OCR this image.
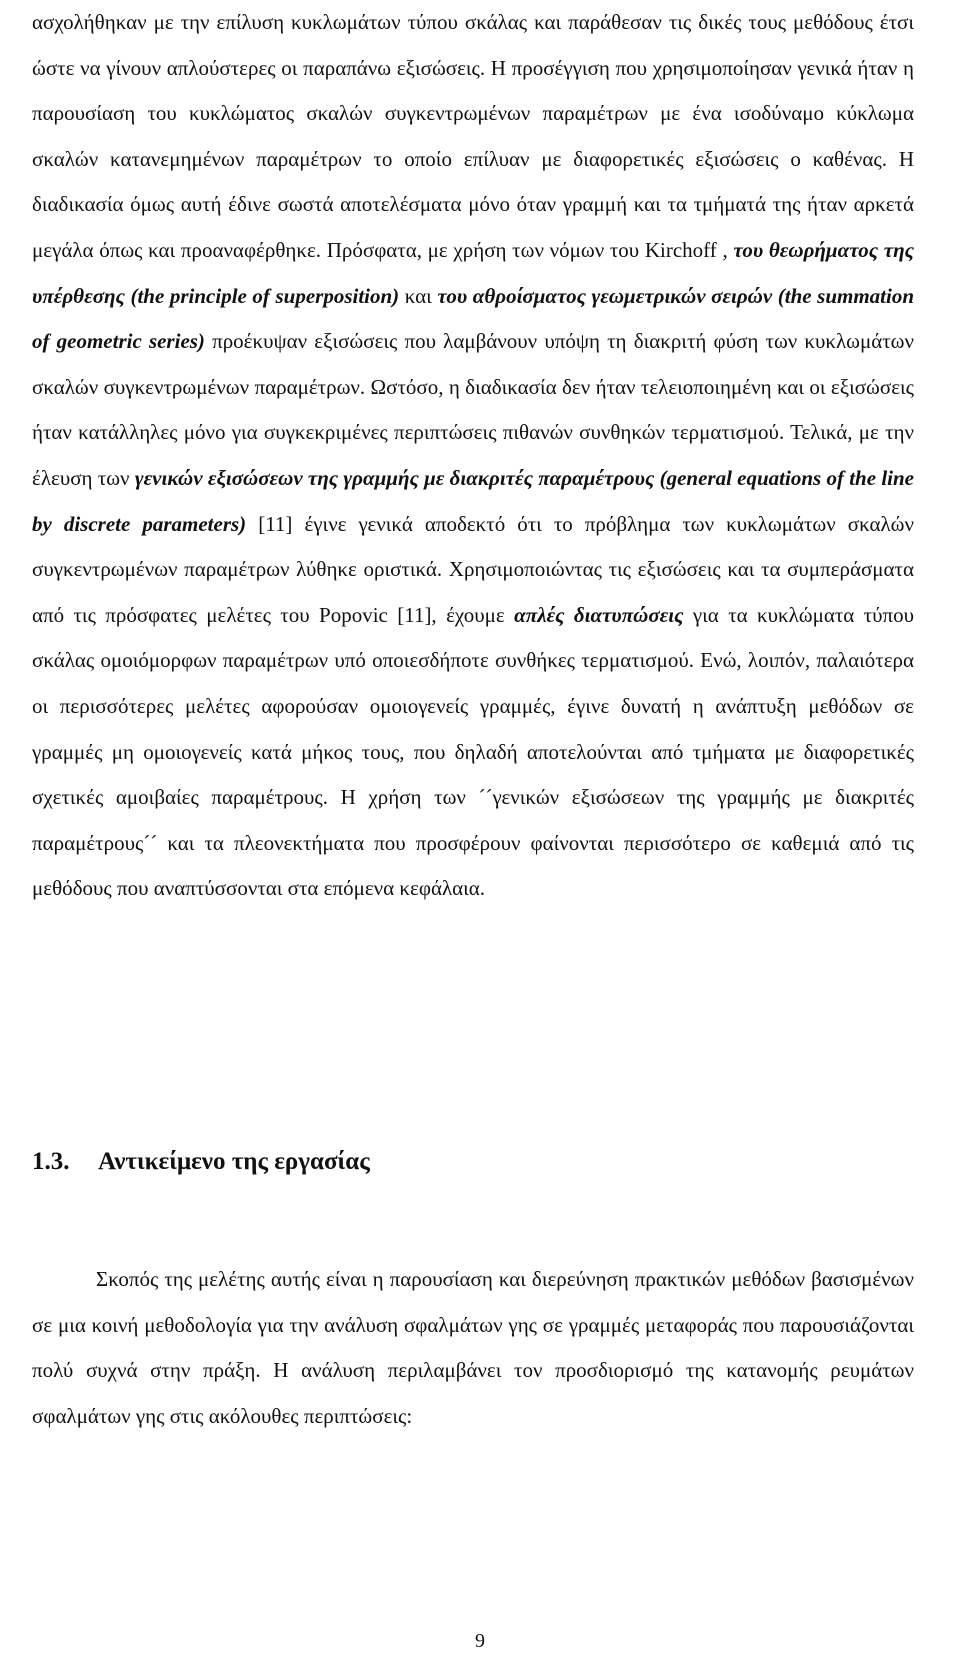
ασχολήθηκαν με την επίλυση κυκλωμάτων τύπου σκάλας και παράθεσαν τις δικές τους μεθόδους έτσι ώστε να γίνουν απλούστερες οι παραπάνω εξισώσεις. Η προσέγγιση που χρησιμοποίησαν γενικά ήταν η παρουσίαση του κυκλώματος σκαλών συγκεντρωμένων παραμέτρων με ένα ισοδύναμο κύκλωμα σκαλών κατανεμημένων παραμέτρων το οποίο επίλυαν με διαφορετικές εξισώσεις ο καθένας. Η διαδικασία όμως αυτή έδινε σωστά αποτελέσματα μόνο όταν γραμμή και τα τμήματά της ήταν αρκετά μεγάλα όπως και προαναφέρθηκε. Πρόσφατα, με χρήση των νόμων του Kirchoff , του θεωρήματος της υπέρθεσης (the principle of superposition) και του αθροίσματος γεωμετρικών σειρών (the summation of geometric series) προέκυψαν εξισώσεις που λαμβάνουν υπόψη τη διακριτή φύση των κυκλωμάτων σκαλών συγκεντρωμένων παραμέτρων. Ωστόσο, η διαδικασία δεν ήταν τελειοποιημένη και οι εξισώσεις ήταν κατάλληλες μόνο για συγκεκριμένες περιπτώσεις πιθανών συνθηκών τερματισμού. Τελικά, με την έλευση των γενικών εξισώσεων της γραμμής με διακριτές παραμέτρους (general equations of the line by discrete parameters) [11] έγινε γενικά αποδεκτό ότι το πρόβλημα των κυκλωμάτων σκαλών συγκεντρωμένων παραμέτρων λύθηκε οριστικά. Χρησιμοποιώντας τις εξισώσεις και τα συμπεράσματα από τις πρόσφατες μελέτες του Popovic [11], έχουμε απλές διατυπώσεις για τα κυκλώματα τύπου σκάλας ομοιόμορφων παραμέτρων υπό οποιεσδήποτε συνθήκες τερματισμού. Ενώ, λοιπόν, παλαιότερα οι περισσότερες μελέτες αφορούσαν ομοιογενείς γραμμές, έγινε δυνατή η ανάπτυξη μεθόδων σε γραμμές μη ομοιογενείς κατά μήκος τους, που δηλαδή αποτελούνται από τμήματα με διαφορετικές σχετικές αμοιβαίες παραμέτρους. Η χρήση των ´´γενικών εξισώσεων της γραμμής με διακριτές παραμέτρους´´ και τα πλεονεκτήματα που προσφέρουν φαίνονται περισσότερο σε καθεμιά από τις μεθόδους που αναπτύσσονται στα επόμενα κεφάλαια.

1.3. Αντικείμενο της εργασίας

Σκοπός της μελέτης αυτής είναι η παρουσίαση και διερεύνηση πρακτικών μεθόδων βασισμένων σε μια κοινή μεθοδολογία για την ανάλυση σφαλμάτων γης σε γραμμές μεταφοράς που παρουσιάζονται πολύ συχνά στην πράξη. Η ανάλυση περιλαμβάνει τον προσδιορισμό της κατανομής ρευμάτων σφαλμάτων γης στις ακόλουθες περιπτώσεις:

9
